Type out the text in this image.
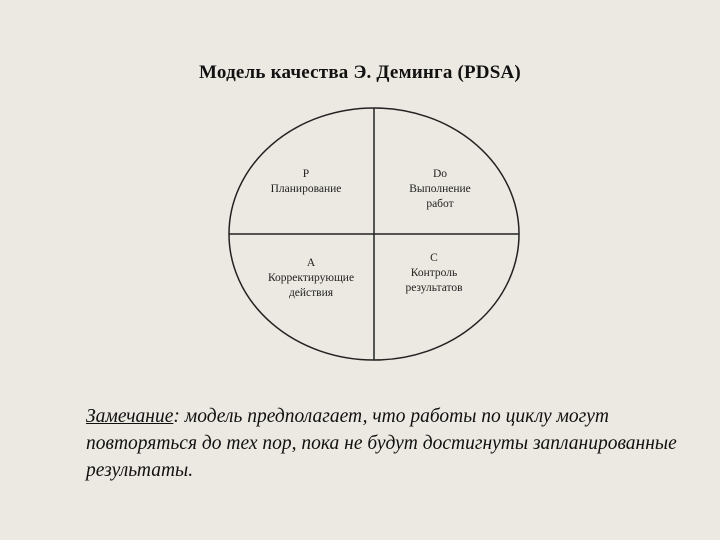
Модель качества Э. Деминга (PDSA)
P
Планирование
Do
Выполнение
работ
A
Корректирующие
действия
C
Контроль
результатов
Замечание: модель предполагает, что работы по циклу могут повторяться до тех пор, пока не будут достигнуты запланированные результаты.
